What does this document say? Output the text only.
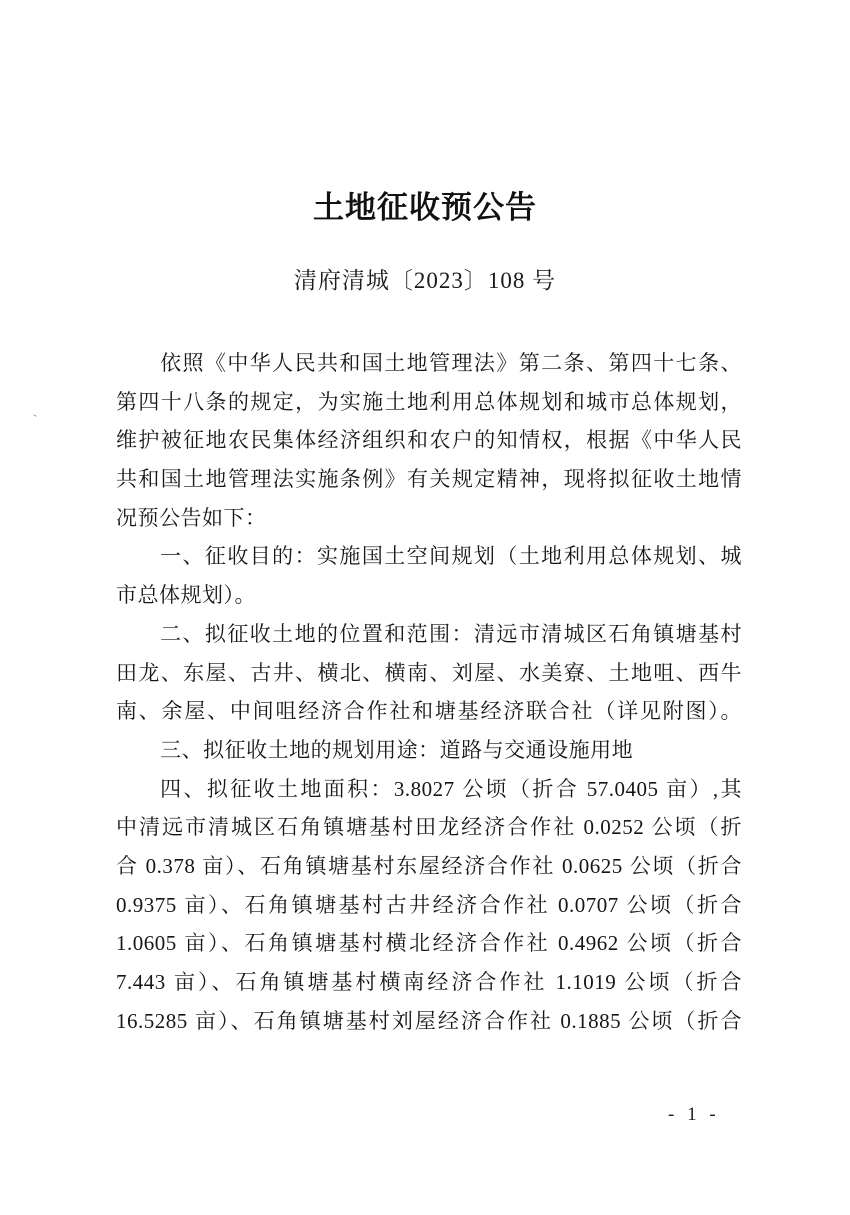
土地征收预公告
清府清城〔2023〕108 号
、
依照《中华人民共和国土地管理法》第二条、第四十七条、
第四十八条的规定，为实施土地利用总体规划和城市总体规划，
维护被征地农民集体经济组织和农户的知情权，根据《中华人民
共和国土地管理法实施条例》有关规定精神，现将拟征收土地情
况预公告如下：
一、征收目的：实施国土空间规划（土地利用总体规划、城
市总体规划）。
二、拟征收土地的位置和范围：清远市清城区石角镇塘基村
田龙、东屋、古井、横北、横南、刘屋、水美寮、土地咀、西牛
南、余屋、中间咀经济合作社和塘基经济联合社（详见附图）。
三、拟征收土地的规划用途：道路与交通设施用地
四、拟征收土地面积：3.8027 公顷（折合 57.0405 亩）,其
中清远市清城区石角镇塘基村田龙经济合作社 0.0252 公顷（折
合 0.378 亩）、石角镇塘基村东屋经济合作社 0.0625 公顷（折合
0.9375 亩）、石角镇塘基村古井经济合作社 0.0707 公顷（折合
1.0605 亩）、石角镇塘基村横北经济合作社 0.4962 公顷（折合
7.443 亩）、石角镇塘基村横南经济合作社 1.1019 公顷（折合
16.5285 亩）、石角镇塘基村刘屋经济合作社 0.1885 公顷（折合
- 1 -
